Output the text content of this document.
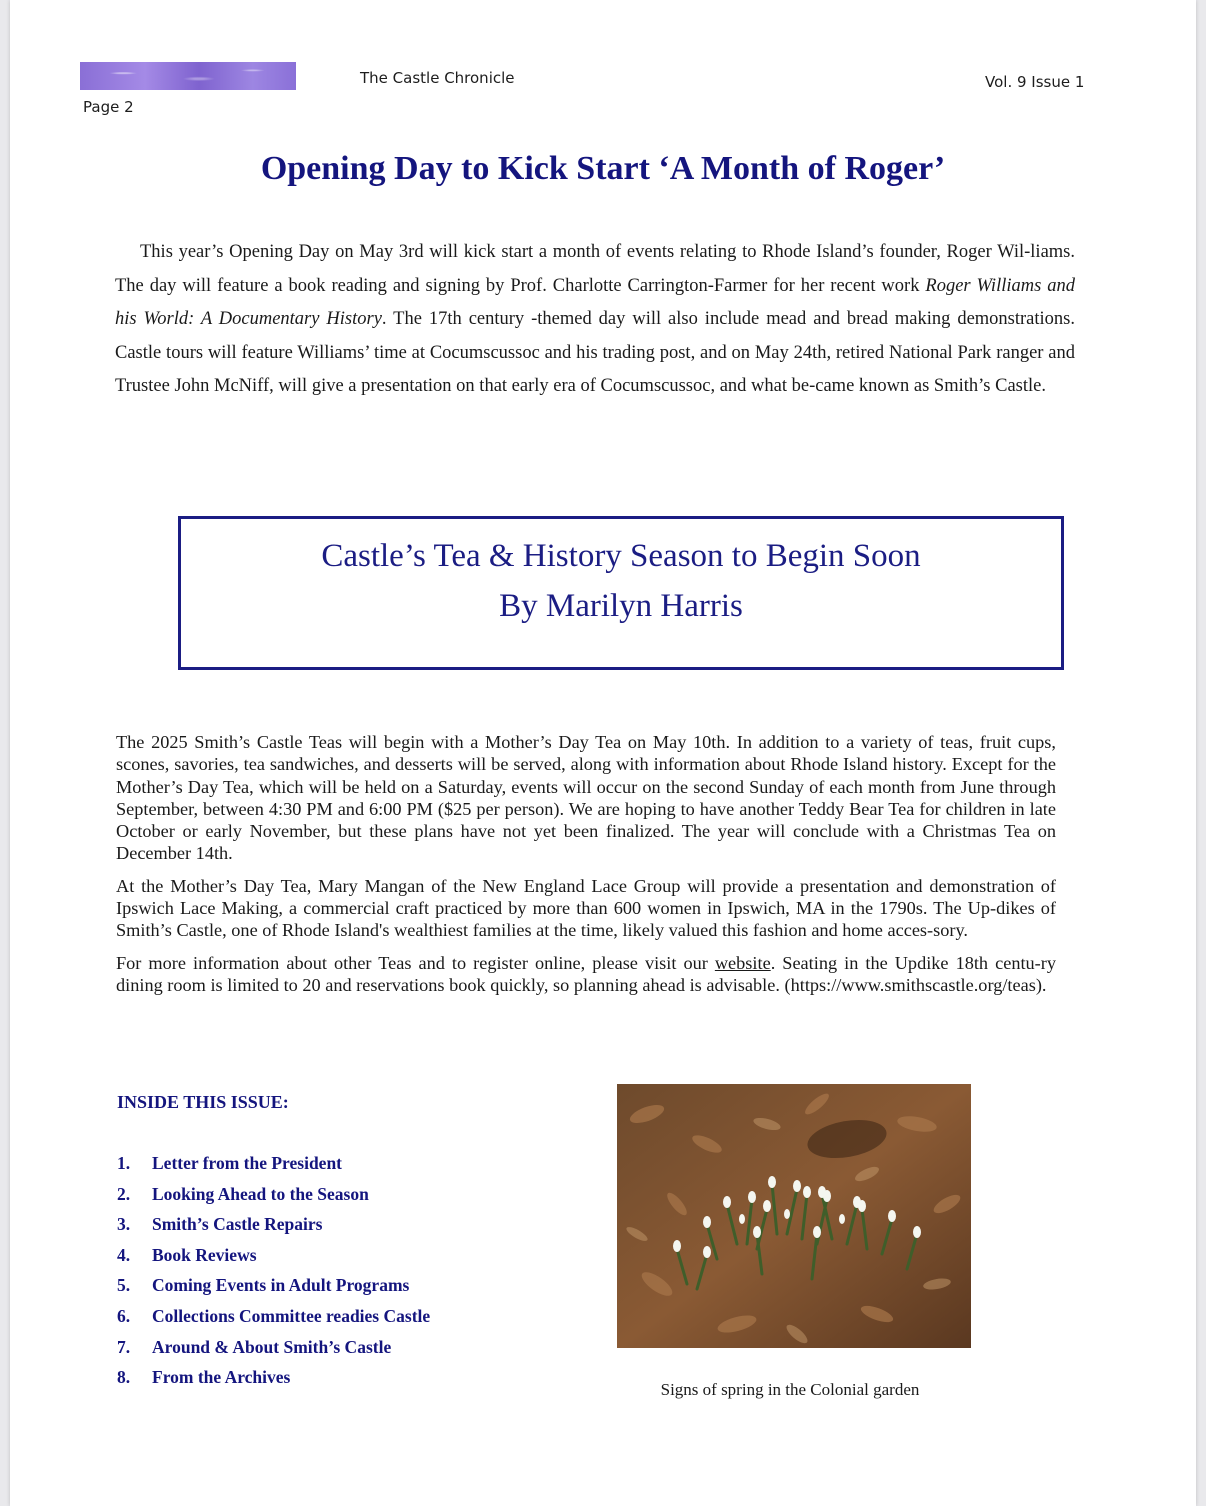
Page 2
The Castle Chronicle	Vol. 9 Issue 1
Opening Day to Kick Start ‘A Month of Roger’
This year’s Opening Day on May 3rd will kick start a month of events relating to Rhode Island’s founder, Roger Wil-liams. The day will feature a book reading and signing by Prof. Charlotte Carrington-Farmer for her recent work Roger Williams and his World: A Documentary History. The 17th century -themed day will also include mead and bread making demonstrations. Castle tours will feature Williams’ time at Cocumscussoc and his trading post, and on May 24th, retired National Park ranger and Trustee John McNiff, will give a presentation on that early era of Cocumscussoc, and what be-came known as Smith’s Castle.
Castle’s Tea & History Season to Begin Soon
By Marilyn Harris

The 2025 Smith’s Castle Teas will begin with a Mother’s Day Tea on May 10th. In addition to a variety of teas, fruit cups, scones, savories, tea sandwiches, and desserts will be served, along with information about Rhode Island history. Except for the Mother’s Day Tea, which will be held on a Saturday, events will occur on the second Sunday of each month from June through September, between 4:30 PM and 6:00 PM ($25 per person). We are hoping to have another Teddy Bear Tea for children in late October or early November, but these plans have not yet been finalized. The year will conclude with a Christmas Tea on December 14th.

At the Mother’s Day Tea, Mary Mangan of the New England Lace Group will provide a presentation and demonstration of Ipswich Lace Making, a commercial craft practiced by more than 600 women in Ipswich, MA in the 1790s. The Up-dikes of Smith’s Castle, one of Rhode Island's wealthiest families at the time, likely valued this fashion and home acces-sory.

For more information about other Teas and to register online, please visit our website. Seating in the Updike 18th centu-ry dining room is limited to 20 and reservations book quickly, so planning ahead is advisable. (https://www.smithscastle.org/teas).

INSIDE THIS ISSUE:
1. Letter from the President
2. Looking Ahead to the Season
3. Smith’s Castle Repairs
4. Book Reviews
5. Coming Events in Adult Programs
6. Collections Committee readies Castle
7. Around & About Smith’s Castle
8. From the Archives
Signs of spring in the Colonial garden
